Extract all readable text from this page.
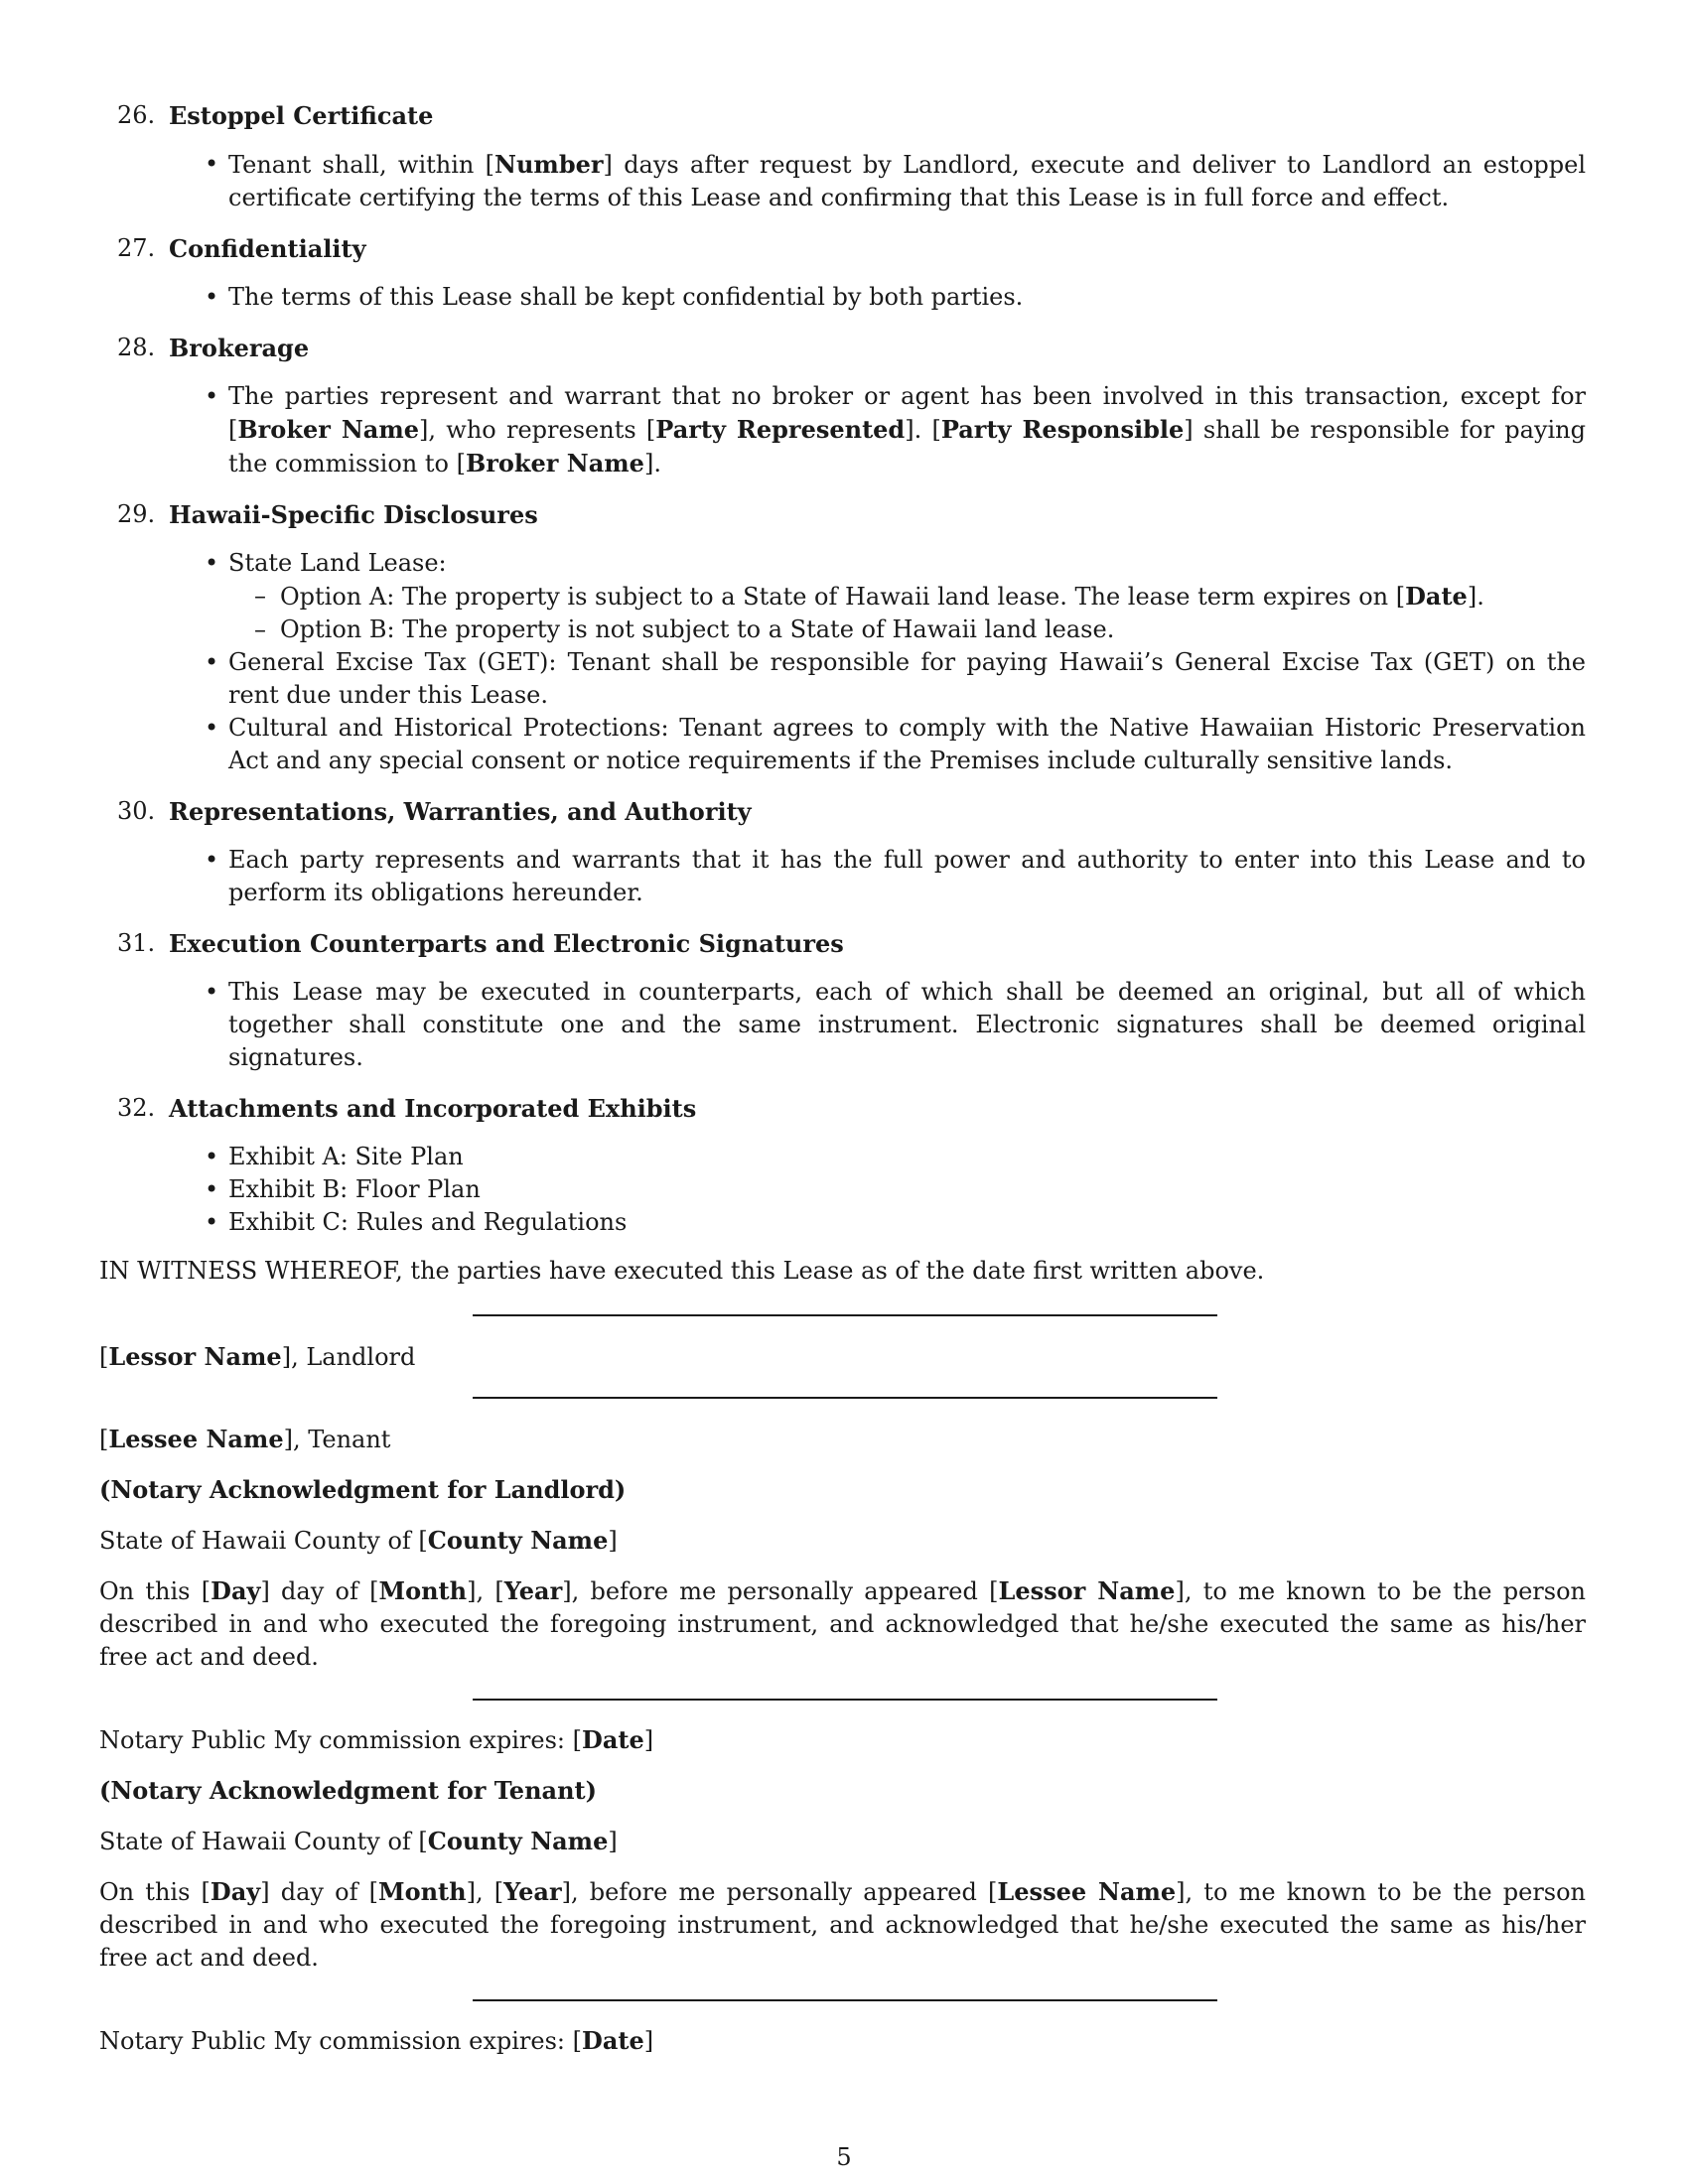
26. Estoppel Certificate
• Tenant shall, within [Number] days after request by Landlord, execute and deliver to Landlord an estoppel certificate certifying the terms of this Lease and confirming that this Lease is in full force and effect.
27. Confidentiality
• The terms of this Lease shall be kept confidential by both parties.
28. Brokerage
• The parties represent and warrant that no broker or agent has been involved in this transaction, except for [Broker Name], who represents [Party Represented]. [Party Responsible] shall be responsible for paying the commission to [Broker Name].
29. Hawaii-Specific Disclosures
• State Land Lease:
– Option A: The property is subject to a State of Hawaii land lease. The lease term expires on [Date].
– Option B: The property is not subject to a State of Hawaii land lease.
• General Excise Tax (GET): Tenant shall be responsible for paying Hawaii’s General Excise Tax (GET) on the rent due under this Lease.
• Cultural and Historical Protections: Tenant agrees to comply with the Native Hawaiian Historic Preservation Act and any special consent or notice requirements if the Premises include culturally sensitive lands.
30. Representations, Warranties, and Authority
• Each party represents and warrants that it has the full power and authority to enter into this Lease and to perform its obligations hereunder.
31. Execution Counterparts and Electronic Signatures
• This Lease may be executed in counterparts, each of which shall be deemed an original, but all of which together shall constitute one and the same instrument. Electronic signatures shall be deemed original signatures.
32. Attachments and Incorporated Exhibits
• Exhibit A: Site Plan
• Exhibit B: Floor Plan
• Exhibit C: Rules and Regulations

IN WITNESS WHEREOF, the parties have executed this Lease as of the date first written above.

[Lessor Name], Landlord

[Lessee Name], Tenant

(Notary Acknowledgment for Landlord)

State of Hawaii County of [County Name]

On this [Day] day of [Month], [Year], before me personally appeared [Lessor Name], to me known to be the person described in and who executed the foregoing instrument, and acknowledged that he/she executed the same as his/her free act and deed.

Notary Public My commission expires: [Date]

(Notary Acknowledgment for Tenant)

State of Hawaii County of [County Name]

On this [Day] day of [Month], [Year], before me personally appeared [Lessee Name], to me known to be the person described in and who executed the foregoing instrument, and acknowledged that he/she executed the same as his/her free act and deed.

Notary Public My commission expires: [Date]

5
